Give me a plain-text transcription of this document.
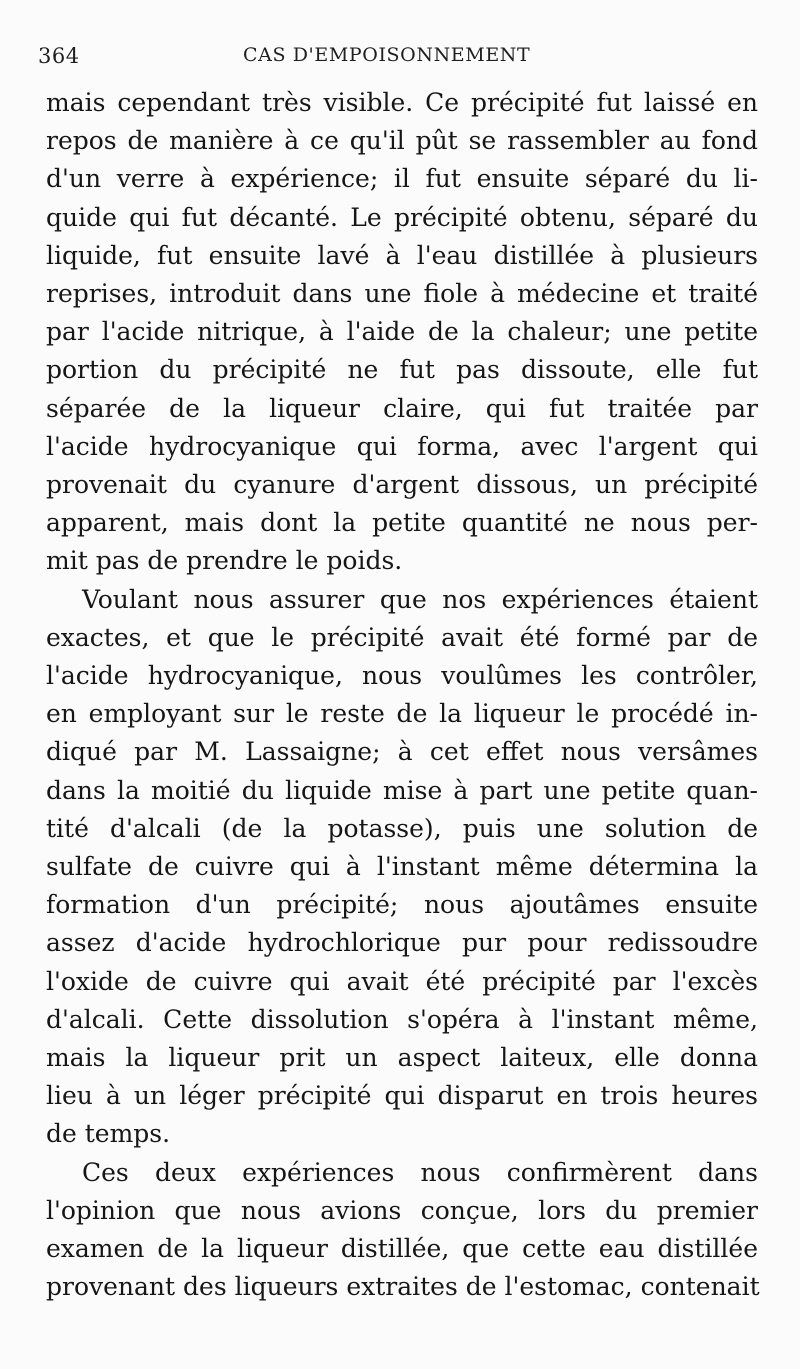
364	CAS D'EMPOISONNEMENT
mais cependant très visible. Ce précipité fut laissé en
repos de manière à ce qu'il pût se rassembler au fond
d'un verre à expérience; il fut ensuite séparé du li-
quide qui fut décanté. Le précipité obtenu, séparé du
liquide, fut ensuite lavé à l'eau distillée à plusieurs
reprises, introduit dans une fiole à médecine et traité
par l'acide nitrique, à l'aide de la chaleur; une petite
portion du précipité ne fut pas dissoute, elle fut
séparée de la liqueur claire, qui fut traitée par
l'acide hydrocyanique qui forma, avec l'argent qui
provenait du cyanure d'argent dissous, un précipité
apparent, mais dont la petite quantité ne nous per-
mit pas de prendre le poids.
Voulant nous assurer que nos expériences étaient
exactes, et que le précipité avait été formé par de
l'acide hydrocyanique, nous voulûmes les contrôler,
en employant sur le reste de la liqueur le procédé in-
diqué par M. Lassaigne; à cet effet nous versâmes
dans la moitié du liquide mise à part une petite quan-
tité d'alcali (de la potasse), puis une solution de
sulfate de cuivre qui à l'instant même détermina la
formation d'un précipité; nous ajoutâmes ensuite
assez d'acide hydrochlorique pur pour redissoudre
l'oxide de cuivre qui avait été précipité par l'excès
d'alcali. Cette dissolution s'opéra à l'instant même,
mais la liqueur prit un aspect laiteux, elle donna
lieu à un léger précipité qui disparut en trois heures
de temps.
Ces deux expériences nous confirmèrent dans
l'opinion que nous avions conçue, lors du premier
examen de la liqueur distillée, que cette eau distillée
provenant des liqueurs extraites de l'estomac, contenait
